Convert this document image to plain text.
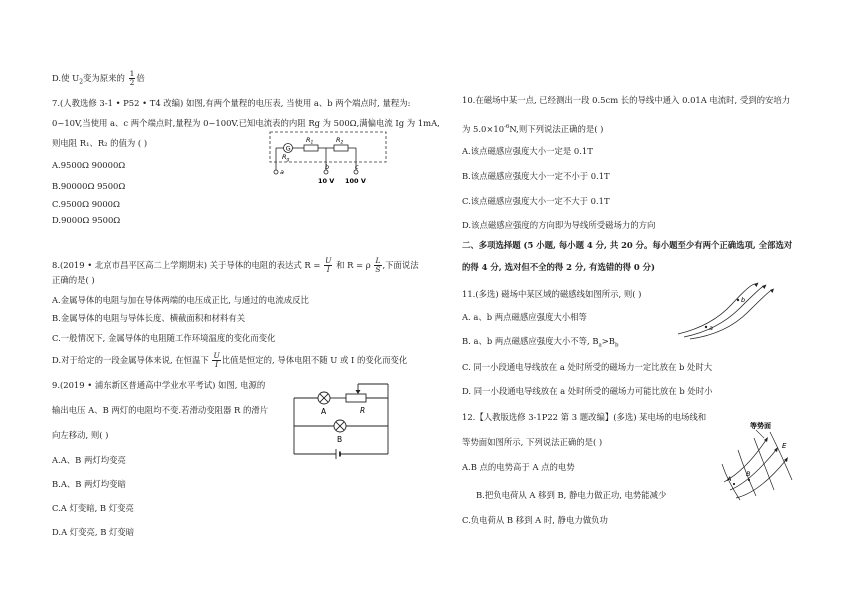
D.使 $U_2$变为原来的 $\frac{1}{2}$ 倍
7.(人教选修 3-1 • P52 • T4 改编) 如图,有两个量程的电压表, 当使用 a、b 两个端点时, 量程为:
0~10V,当使用 a、c 两个端点时,量程为 0~100V.已知电流表的内阻 Rg 为 500Ω,满偏电流 Ig 为 1mA,
则电阻 R₁、R₂ 的值为 ( )
A.9500Ω 90000Ω
B.90000Ω 9500Ω
C.9500Ω 9000Ω
D.9000Ω 9500Ω
G
$R_g$
$R_1$	$R_2$
a
b
10 V
c
100 V
8.(2019 • 北京市昌平区高二上学期期末) 关于导体的电阻的表达式 $R = \frac{U}{I}$ 和 R = ρ $\frac{L}{S}$ ,下面说法
正确的是( )
A.金属导体的电阻与加在导体两端的电压成正比, 与通过的电流成反比
B.金属导体的电阻与导体长度、横截面积和材料有关
C.一般情况下, 金属导体的电阻随工作环境温度的变化而变化
D.对于给定的一段金属导体来说, 在恒温下 $\frac{U}{I}$ 比值是恒定的, 导体电阻不随 U 或 I 的变化而变化
9.(2019 • 浦东新区普通高中学业水平考试) 如图, 电源的
输出电压 A、B 两灯的电阻均不变.若滑动变阻器 R 的滑片
向左移动, 则( )
A.A、B 两灯均变亮
B.A、B 两灯均变暗
C.A 灯变暗, B 灯变亮
D.A 灯变亮, B 灯变暗
A	R
B
10.在磁场中某一点, 已经测出一段 0.5cm 长的导线中通入 0.01A 电流时, 受到的安培力
为 $5.0\times 10^{-6}N$,则下列说法正确的是( )
A.该点磁感应强度大小一定是 0.1T
B.该点磁感应强度大小一定不小于 0.1T
C.该点磁感应强度大小一定不大于 0.1T
D.该点磁感应强度的方向即为导线所受磁场力的方向
二、多项选择题 (5 小题, 每小题 4 分, 共 20 分。每小题至少有两个正确选项, 全部选对
的得 4 分, 选对但不全的得 2 分, 有选错的得 0 分)
11.(多选) 磁场中某区域的磁感线如图所示, 则( )
A. a、b 两点磁感应强度大小相等
B. a、b 两点磁感应强度大小不等, $B_a>B_b$
C. 同一小段通电导线放在 a 处时所受的磁场力一定比放在 b 处时大
D. 同一小段通电导线放在 a 处时所受的磁场力可能比放在 b 处时小
a
b
12.【人教版选修 3-1P22 第 3 题改编】(多选) 某电场的电场线和
等势面如图所示, 下列说法正确的是( )
A.B 点的电势高于 A 点的电势
B.把负电荷从 A 移到 B, 静电力做正功, 电势能减少
C.负电荷从 B 移到 A 时, 静电力做负功
等势面
E
A
B
